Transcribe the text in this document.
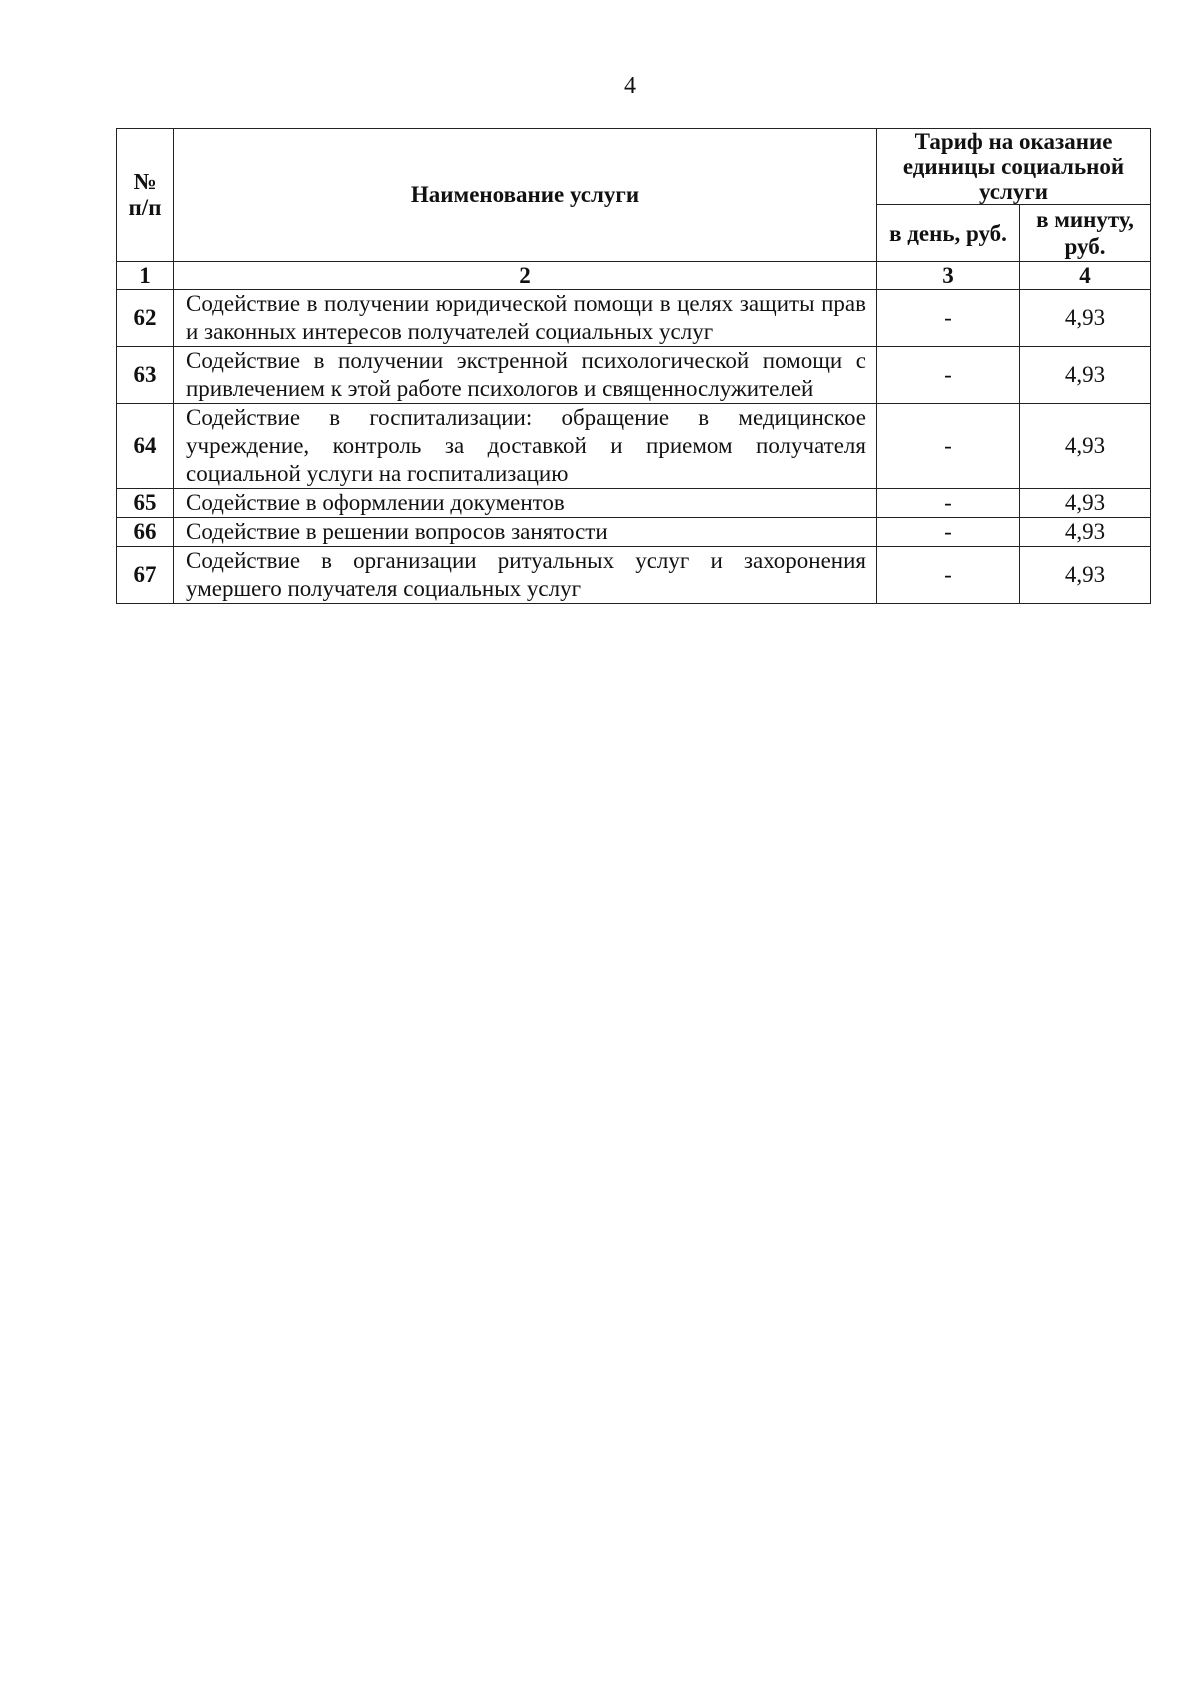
4
№
п/п	Наименование услуги	Тариф на оказание единицы социальной услуги	
		в день, руб.	в минуту, руб.
1	2	3	4
62	Содействие в получении юридической помощи в целях защиты прав и законных интересов получателей социальных услуг	-	4,93
63	Содействие в получении экстренной психологической помощи с привлечением к этой работе психологов и священнослужителей	-	4,93
64	Содействие в госпитализации: обращение в медицинское учреждение, контроль за доставкой и приемом получателя социальной услуги на госпитализацию	-	4,93
65	Содействие в оформлении документов	-	4,93
66	Содействие в решении вопросов занятости	-	4,93
67	Содействие в организации ритуальных услуг и захоронения умершего получателя социальных услуг	-	4,93
